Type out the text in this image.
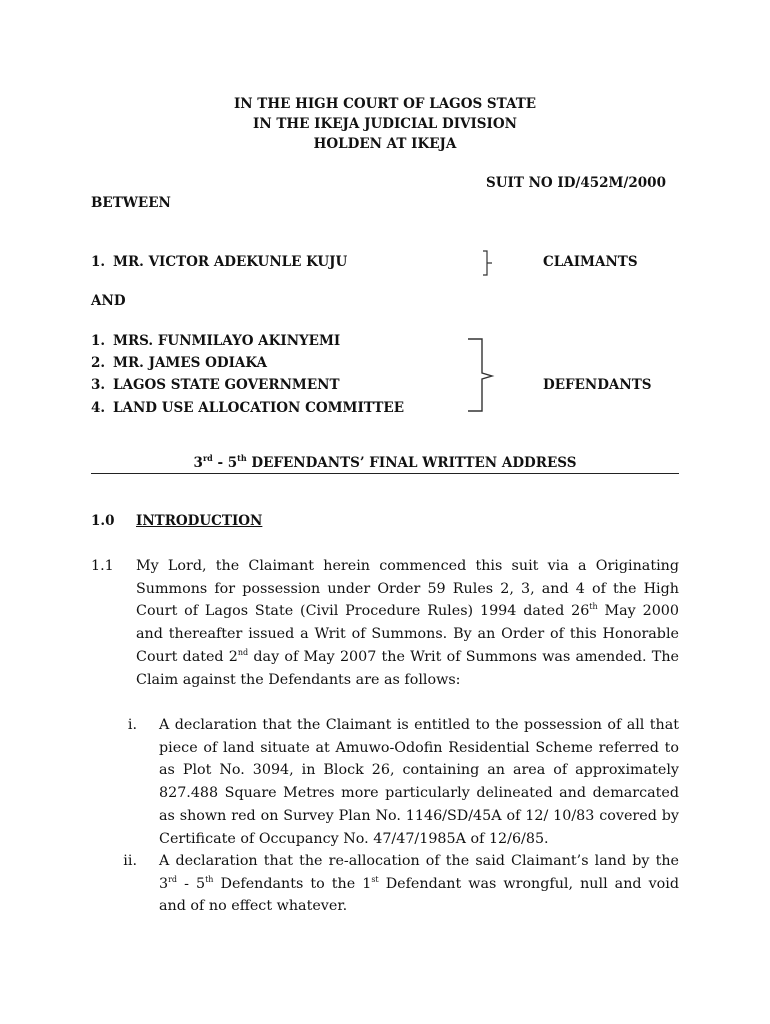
IN THE HIGH COURT OF LAGOS STATE
IN THE IKEJA JUDICIAL DIVISION
HOLDEN AT IKEJA
SUIT NO ID/452M/2000
BETWEEN
1. MR. VICTOR ADEKUNLE KUJU	CLAIMANTS
AND
1. MRS. FUNMILAYO AKINYEMI
2. MR. JAMES ODIAKA
3. LAGOS STATE GOVERNMENT
4. LAND USE ALLOCATION COMMITTEE
DEFENDANTS
3rd - 5th DEFENDANTS’ FINAL WRITTEN ADDRESS
1.0 INTRODUCTION
1.1 My Lord, the Claimant herein commenced this suit via a Originating Summons for possession under Order 59 Rules 2, 3, and 4 of the High Court of Lagos State (Civil Procedure Rules) 1994 dated 26th May 2000 and thereafter issued a Writ of Summons. By an Order of this Honorable Court dated 2nd day of May 2007 the Writ of Summons was amended. The Claim against the Defendants are as follows:
i. A declaration that the Claimant is entitled to the possession of all that piece of land situate at Amuwo-Odofin Residential Scheme referred to as Plot No. 3094, in Block 26, containing an area of approximately 827.488 Square Metres more particularly delineated and demarcated as shown red on Survey Plan No. 1146/SD/45A of 12/ 10/83 covered by Certificate of Occupancy No. 47/47/1985A of 12/6/85.
ii. A declaration that the re-allocation of the said Claimant’s land by the 3rd - 5th Defendants to the 1st Defendant was wrongful, null and void and of no effect whatever.
